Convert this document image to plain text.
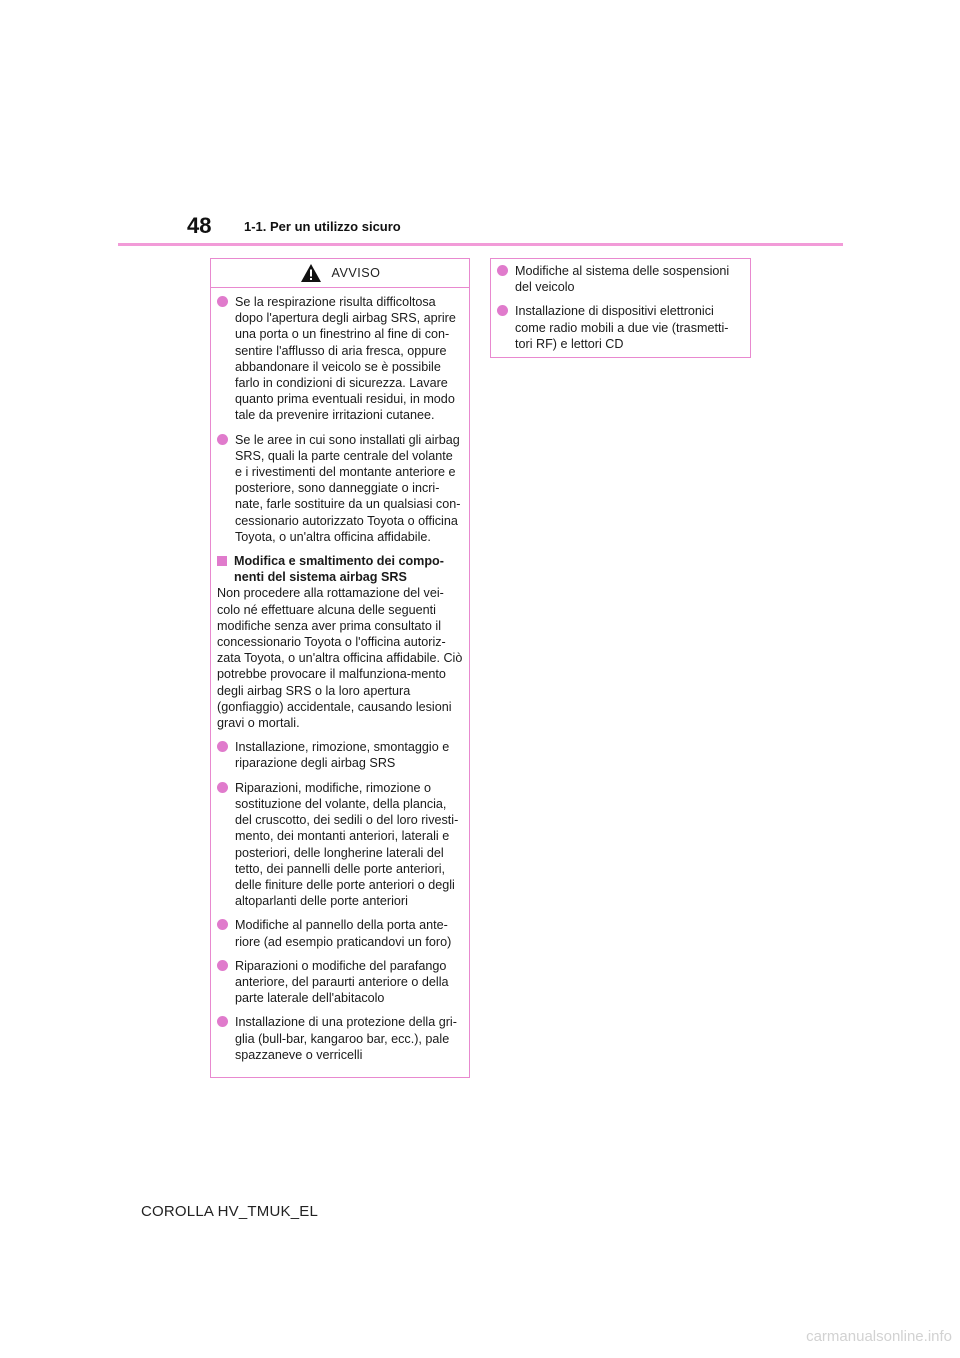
48	1-1. Per un utilizzo sicuro
AVVISO
Se la respirazione risulta difficoltosa dopo l'apertura degli airbag SRS, aprire una porta o un finestrino al fine di con-sentire l'afflusso di aria fresca, oppure abbandonare il veicolo se è possibile farlo in condizioni di sicurezza. Lavare quanto prima eventuali residui, in modo tale da prevenire irritazioni cutanee.
Se le aree in cui sono installati gli airbag SRS, quali la parte centrale del volante e i rivestimenti del montante anteriore e posteriore, sono danneggiate o incri-nate, farle sostituire da un qualsiasi con-cessionario autorizzato Toyota o officina Toyota, o un'altra officina affidabile.
Modifica e smaltimento dei compo-nenti del sistema airbag SRS

Non procedere alla rottamazione del vei-colo né effettuare alcuna delle seguenti modifiche senza aver prima consultato il concessionario Toyota o l'officina autoriz-zata Toyota, o un'altra officina affidabile. Ciò potrebbe provocare il malfunziona-mento degli airbag SRS o la loro apertura (gonfiaggio) accidentale, causando lesioni gravi o mortali.

Installazione, rimozione, smontaggio e riparazione degli airbag SRS
Riparazioni, modifiche, rimozione o sostituzione del volante, della plancia, del cruscotto, dei sedili o del loro rivesti-mento, dei montanti anteriori, laterali e posteriori, delle longherine laterali del tetto, dei pannelli delle porte anteriori, delle finiture delle porte anteriori o degli altoparlanti delle porte anteriori
Modifiche al pannello della porta ante-riore (ad esempio praticandovi un foro)
Riparazioni o modifiche del parafango anteriore, del paraurti anteriore o della parte laterale dell'abitacolo
Installazione di una protezione della gri-glia (bull-bar, kangaroo bar, ecc.), pale spazzaneve o verricelli
Modifiche al sistema delle sospensioni del veicolo
Installazione di dispositivi elettronici come radio mobili a due vie (trasmetti-tori RF) e lettori CD
COROLLA HV_TMUK_EL
carmanualsonline.info
